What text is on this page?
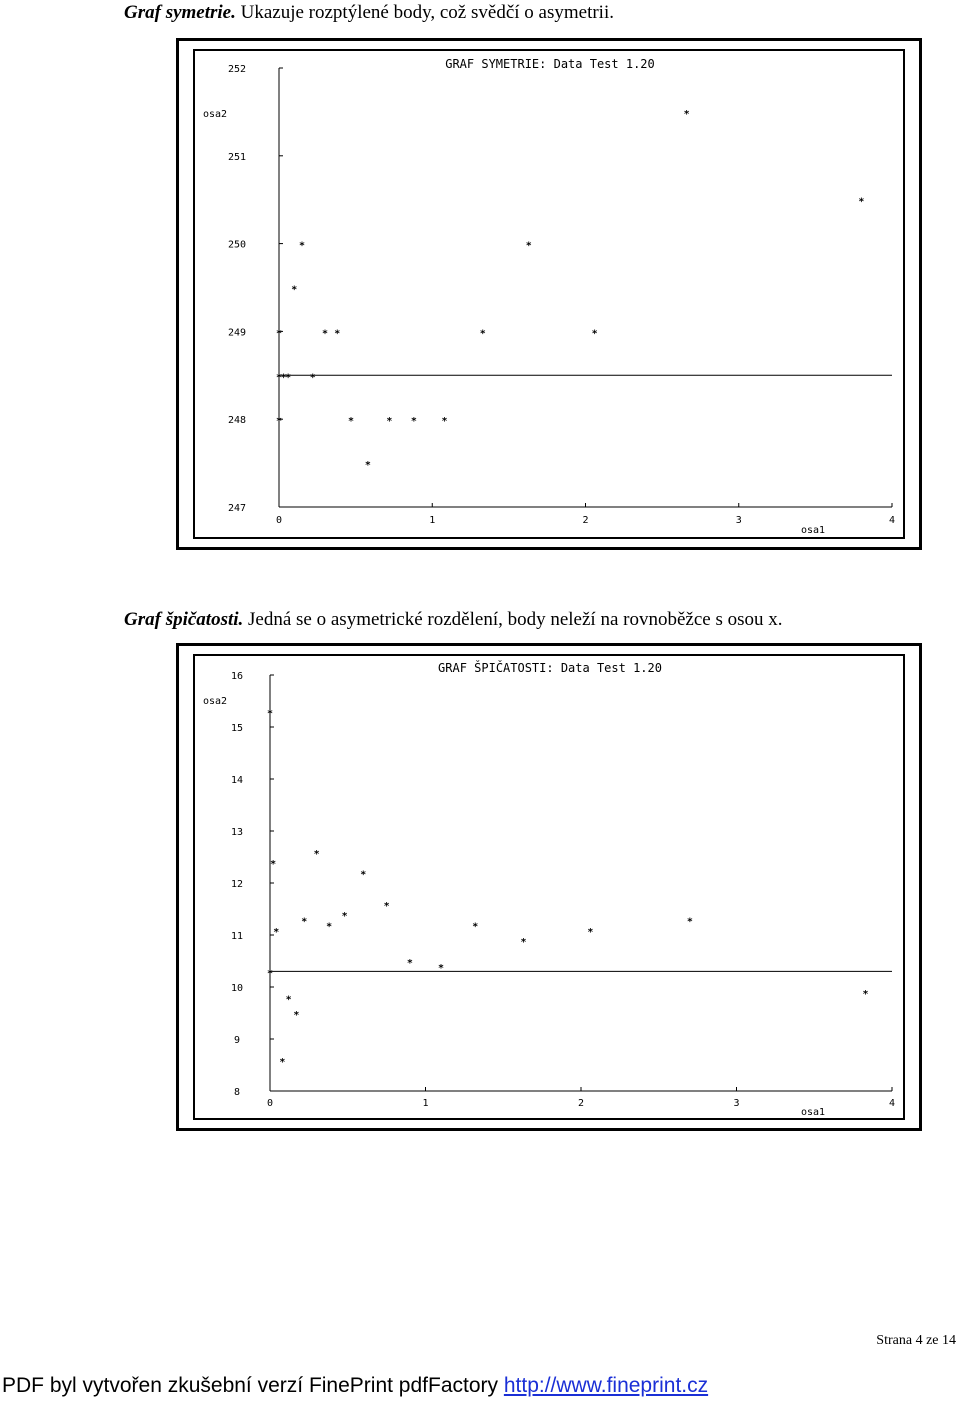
Graf symetrie. Ukazuje rozptýlené body, což svědčí o asymetrii.
GRAF SYMETRIE: Data Test 1.20
247
248
249
250
251
252
0	1	2	3	4
osa1
osa2	*
*
*	*
*
*	* *	*	*
*
*
* *
*	*	* * *
*
Graf špičatosti. Jedná se o asymetrické rozdělení, body neleží na rovnoběžce s osou x.
GRAF ŠPIČATOSTI: Data Test 1.20
8
9
10
11
12
13
14
15
16
0	1	2	3	4
osa1
osa2
*
*
*
*
*
*
* *	*	*
*
*
*
*	*
*
*
*
*
*
Strana 4 ze 14
PDF byl vytvořen zkušební verzí FinePrint pdfFactory http://www.fineprint.cz
